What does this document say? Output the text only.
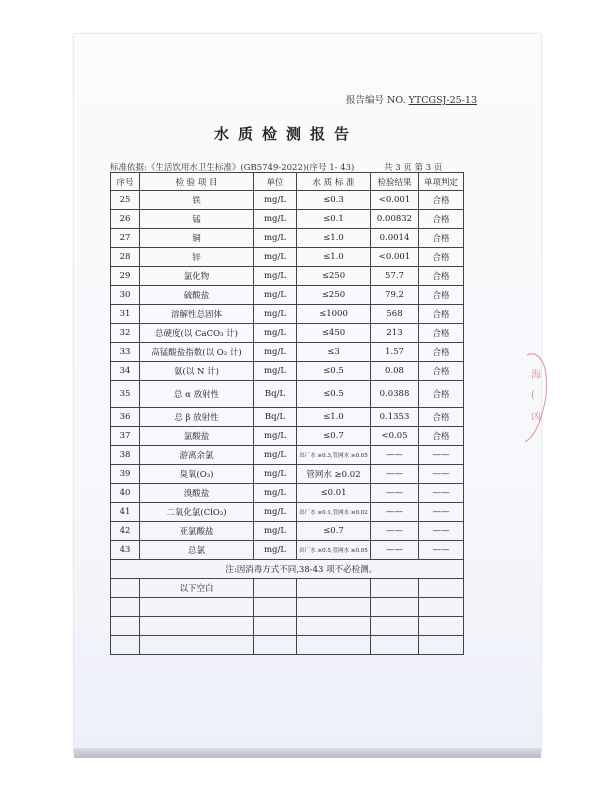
报告编号 NO. YTCGSJ-25-13
水质检测报告
标准依据:《生活饮用水卫生标准》(GB5749-2022)(序号 1- 43)	共 3 页 第 3 页
序号	检 验 项 目	单位	水 质 标 准	检验结果	单项判定
25	铁	mg/L	≤0.3	<0.001	合格
26	锰	mg/L	≤0.1	0.00832	合格
27	铜	mg/L	≤1.0	0.0014	合格
28	锌	mg/L	≤1.0	<0.001	合格
29	氯化物	mg/L	≤250	57.7	合格
30	硫酸盐	mg/L	≤250	79.2	合格
31	溶解性总固体	mg/L	≤1000	568	合格
32	总硬度(以 CaCO₃ 计)	mg/L	≤450	213	合格
33	高锰酸盐指数(以 O₂ 计)	mg/L	≤3	1.57	合格
34	氨(以 N 计)	mg/L	≤0.5	0.08	合格
35	总 α 放射性	Bq/L	≤0.5	0.0388	合格
36	总 β 放射性	Bq/L	≤1.0	0.1353	合格
37	氯酸盐	mg/L	≤0.7	<0.05	合格
38	游离余氯	mg/L	出厂水 ≥0.3,管网水 ≥0.05	——	——
39	臭氧(O₃)	mg/L	管网水 ≥0.02	——	——
40	溴酸盐	mg/L	≤0.01	——	——
41	二氧化氯(ClO₂)	mg/L	出厂水 ≥0.1,管网水 ≥0.02	——	——
42	亚氯酸盐	mg/L	≤0.7	——	——
43	总氯	mg/L	出厂水 ≥0.5,管网水 ≥0.05	——	——
	注:因消毒方式不同,38-43 项不必检测。				
	以下空白				

海
(
凶
